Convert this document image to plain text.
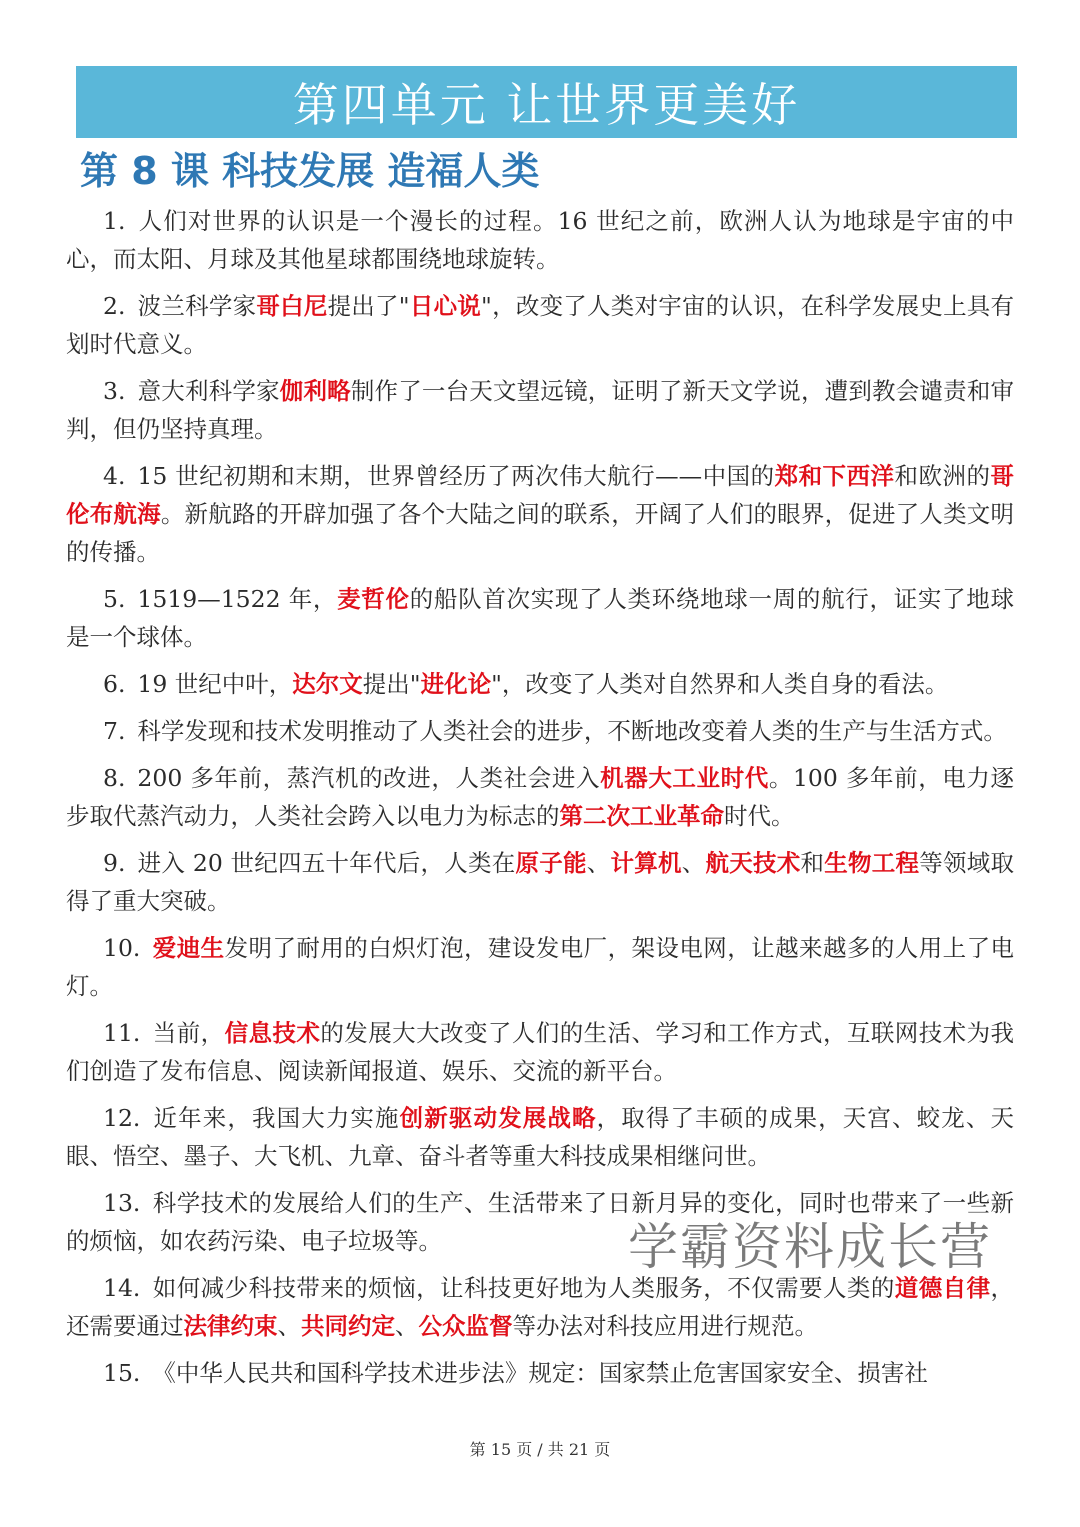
第四单元 让世界更美好
第 8 课 科技发展 造福人类

1. 人们对世界的认识是一个漫长的过程。16 世纪之前，欧洲人认为地球是宇宙的中心，而太阳、月球及其他星球都围绕地球旋转。

2. 波兰科学家哥白尼提出了"日心说"，改变了人类对宇宙的认识，在科学发展史上具有划时代意义。

3. 意大利科学家伽利略制作了一台天文望远镜，证明了新天文学说，遭到教会谴责和审判，但仍坚持真理。

4. 15 世纪初期和末期，世界曾经历了两次伟大航行——中国的郑和下西洋和欧洲的哥伦布航海。新航路的开辟加强了各个大陆之间的联系，开阔了人们的眼界，促进了人类文明的传播。

5. 1519—1522 年，麦哲伦的船队首次实现了人类环绕地球一周的航行，证实了地球是一个球体。

6. 19 世纪中叶，达尔文提出"进化论"，改变了人类对自然界和人类自身的看法。

7. 科学发现和技术发明推动了人类社会的进步，不断地改变着人类的生产与生活方式。

8. 200 多年前，蒸汽机的改进，人类社会进入机器大工业时代。100 多年前，电力逐步取代蒸汽动力，人类社会跨入以电力为标志的第二次工业革命时代。

9. 进入 20 世纪四五十年代后，人类在原子能、计算机、航天技术和生物工程等领域取得了重大突破。

10. 爱迪生发明了耐用的白炽灯泡，建设发电厂，架设电网，让越来越多的人用上了电灯。

11. 当前，信息技术的发展大大改变了人们的生活、学习和工作方式，互联网技术为我们创造了发布信息、阅读新闻报道、娱乐、交流的新平台。

12. 近年来，我国大力实施创新驱动发展战略，取得了丰硕的成果，天宫、蛟龙、天眼、悟空、墨子、大飞机、九章、奋斗者等重大科技成果相继问世。

13. 科学技术的发展给人们的生产、生活带来了日新月异的变化，同时也带来了一些新的烦恼，如农药污染、电子垃圾等。

14. 如何减少科技带来的烦恼，让科技更好地为人类服务，不仅需要人类的道德自律，还需要通过法律约束、共同约定、公众监督等办法对科技应用进行规范。

15. 《中华人民共和国科学技术进步法》规定：国家禁止危害国家安全、损害社

学霸资料成长营
第 15 页 / 共 21 页
